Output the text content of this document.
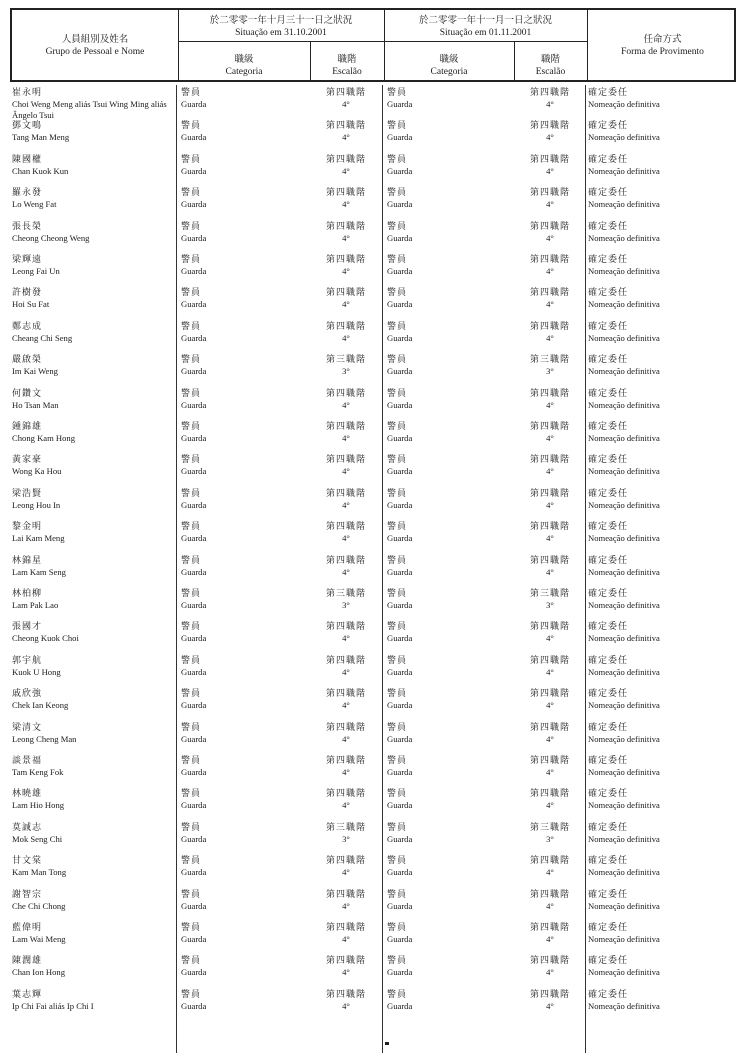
人員組別及姓名
Grupo de Pessoal e Nome
於二零零一年十月三十一日之狀況
Situação em 31.10.2001
於二零零一年十一月一日之狀況
Situação em 01.11.2001
職級
Categoria
職階
Escalão
職級
Categoria
職階
Escalão
任命方式
Forma de Provimento
崔永明
Choi Weng Meng aliás Tsui Wing Ming aliás Ângelo Tsui
警員
Guarda
第四職階
4°
警員
Guarda
第四職階
4°
確定委任
Nomeação definitiva
鄧文鳴
Tang Man Meng
警員
Guarda
第四職階
4°
警員
Guarda
第四職階
4°
確定委任
Nomeação definitiva
陳國權
Chan Kuok Kun
警員
Guarda
第四職階
4°
警員
Guarda
第四職階
4°
確定委任
Nomeação definitiva
羅永發
Lo Weng Fat
警員
Guarda
第四職階
4°
警員
Guarda
第四職階
4°
確定委任
Nomeação definitiva
張長榮
Cheong Cheong Weng
警員
Guarda
第四職階
4°
警員
Guarda
第四職階
4°
確定委任
Nomeação definitiva
梁輝遠
Leong Fai Un
警員
Guarda
第四職階
4°
警員
Guarda
第四職階
4°
確定委任
Nomeação definitiva
許樹發
Hoi Su Fat
警員
Guarda
第四職階
4°
警員
Guarda
第四職階
4°
確定委任
Nomeação definitiva
鄭志成
Cheang Chi Seng
警員
Guarda
第四職階
4°
警員
Guarda
第四職階
4°
確定委任
Nomeação definitiva
嚴啟榮
Im Kai Weng
警員
Guarda
第三職階
3°
警員
Guarda
第三職階
3°
確定委任
Nomeação definitiva
何鑽文
Ho Tsan Man
警員
Guarda
第四職階
4°
警員
Guarda
第四職階
4°
確定委任
Nomeação definitiva
鍾錦雄
Chong Kam Hong
警員
Guarda
第四職階
4°
警員
Guarda
第四職階
4°
確定委任
Nomeação definitiva
黃家豪
Wong Ka Hou
警員
Guarda
第四職階
4°
警員
Guarda
第四職階
4°
確定委任
Nomeação definitiva
梁浩賢
Leong Hou In
警員
Guarda
第四職階
4°
警員
Guarda
第四職階
4°
確定委任
Nomeação definitiva
黎金明
Lai Kam Meng
警員
Guarda
第四職階
4°
警員
Guarda
第四職階
4°
確定委任
Nomeação definitiva
林錦星
Lam Kam Seng
警員
Guarda
第四職階
4°
警員
Guarda
第四職階
4°
確定委任
Nomeação definitiva
林柏柳
Lam Pak Lao
警員
Guarda
第三職階
3°
警員
Guarda
第三職階
3°
確定委任
Nomeação definitiva
張國才
Cheong Kuok Choi
警員
Guarda
第四職階
4°
警員
Guarda
第四職階
4°
確定委任
Nomeação definitiva
郭宇航
Kuok U Hong
警員
Guarda
第四職階
4°
警員
Guarda
第四職階
4°
確定委任
Nomeação definitiva
戚欣強
Chek Ian Keong
警員
Guarda
第四職階
4°
警員
Guarda
第四職階
4°
確定委任
Nomeação definitiva
梁清文
Leong Cheng Man
警員
Guarda
第四職階
4°
警員
Guarda
第四職階
4°
確定委任
Nomeação definitiva
談景福
Tam Keng Fok
警員
Guarda
第四職階
4°
警員
Guarda
第四職階
4°
確定委任
Nomeação definitiva
林曉雄
Lam Hio Hong
警員
Guarda
第四職階
4°
警員
Guarda
第四職階
4°
確定委任
Nomeação definitiva
莫誠志
Mok Seng Chi
警員
Guarda
第三職階
3°
警員
Guarda
第三職階
3°
確定委任
Nomeação definitiva
甘文棠
Kam Man Tong
警員
Guarda
第四職階
4°
警員
Guarda
第四職階
4°
確定委任
Nomeação definitiva
謝智宗
Che Chi Chong
警員
Guarda
第四職階
4°
警員
Guarda
第四職階
4°
確定委任
Nomeação definitiva
藍偉明
Lam Wai Meng
警員
Guarda
第四職階
4°
警員
Guarda
第四職階
4°
確定委任
Nomeação definitiva
陳潤雄
Chan Ion Hong
警員
Guarda
第四職階
4°
警員
Guarda
第四職階
4°
確定委任
Nomeação definitiva
葉志輝
Ip Chi Fai aliás Ip Chi I
警員
Guarda
第四職階
4°
警員
Guarda
第四職階
4°
確定委任
Nomeação definitiva
